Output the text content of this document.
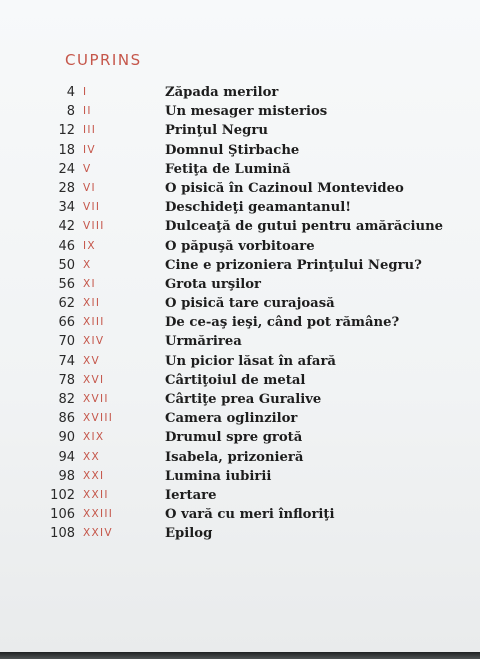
CUPRINS
4 I	Zăpada merilor
8 II	Un mesager misterios
12 III	Prinţul Negru
18 IV	Domnul Ştirbache
24 V	Fetiţa de Lumină
28 VI	O pisică în Cazinoul Montevideo
34 VII	Deschideţi geamantanul!
42 VIII	Dulceaţă de gutui pentru amărăciune
46 IX	O păpuşă vorbitoare
50 X	Cine e prizoniera Prinţului Negru?
56 XI	Grota urşilor
62 XII	O pisică tare curajoasă
66 XIII	De ce-aş ieşi, când pot rămâne?
70 XIV	Urmărirea
74 XV	Un picior lăsat în afară
78 XVI	Cârtiţoiul de metal
82 XVII	Cârtiţe prea Guralive
86 XVIII	Camera oglinzilor
90 XIX	Drumul spre grotă
94 XX	Isabela, prizonieră
98 XXI	Lumina iubirii
102 XXII	Iertare
106 XXIII	O vară cu meri înfloriţi
108 XXIV	Epilog
